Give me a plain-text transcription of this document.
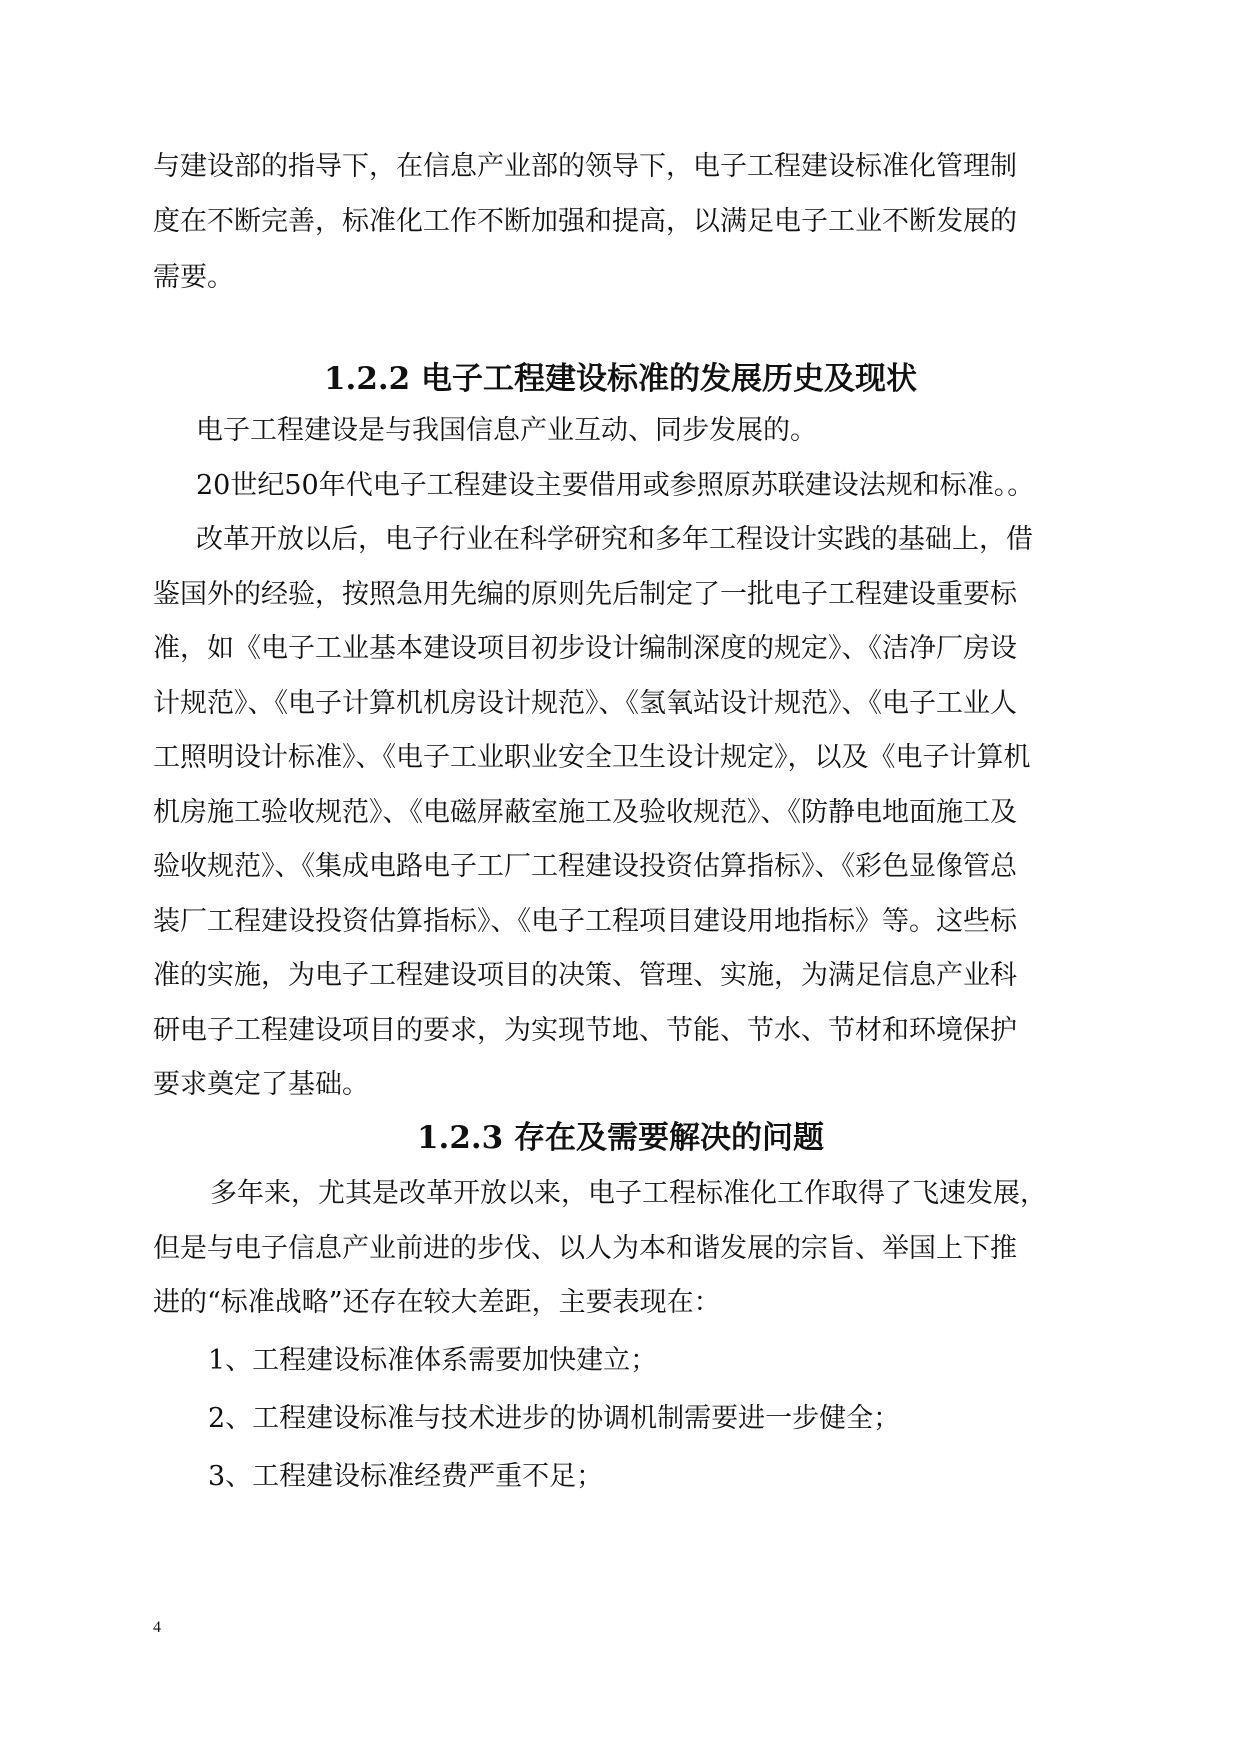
与建设部的指导下，在信息产业部的领导下，电子工程建设标准化管理制

度在不断完善，标准化工作不断加强和提高，以满足电子工业不断发展的

需要。

1.2.2 电子工程建设标准的发展历史及现状

电子工程建设是与我国信息产业互动、同步发展的。

20世纪50年代电子工程建设主要借用或参照原苏联建设法规和标准。。

改革开放以后，电子行业在科学研究和多年工程设计实践的基础上，借

鉴国外的经验，按照急用先编的原则先后制定了一批电子工程建设重要标

准，如《电子工业基本建设项目初步设计编制深度的规定》、《洁净厂房设

计规范》、《电子计算机机房设计规范》、《氢氧站设计规范》、《电子工业人

工照明设计标准》、《电子工业职业安全卫生设计规定》，以及《电子计算机

机房施工验收规范》、《电磁屏蔽室施工及验收规范》、《防静电地面施工及

验收规范》、《集成电路电子工厂工程建设投资估算指标》、《彩色显像管总

装厂工程建设投资估算指标》、《电子工程项目建设用地指标》等。这些标

准的实施，为电子工程建设项目的决策、管理、实施，为满足信息产业科

研电子工程建设项目的要求，为实现节地、节能、节水、节材和环境保护

要求奠定了基础。

1.2.3 存在及需要解决的问题

多年来，尤其是改革开放以来，电子工程标准化工作取得了飞速发展，

但是与电子信息产业前进的步伐、以人为本和谐发展的宗旨、举国上下推

进的“标准战略”还存在较大差距，主要表现在：

1、工程建设标准体系需要加快建立；

2、工程建设标准与技术进步的协调机制需要进一步健全；

3、工程建设标准经费严重不足；

4
